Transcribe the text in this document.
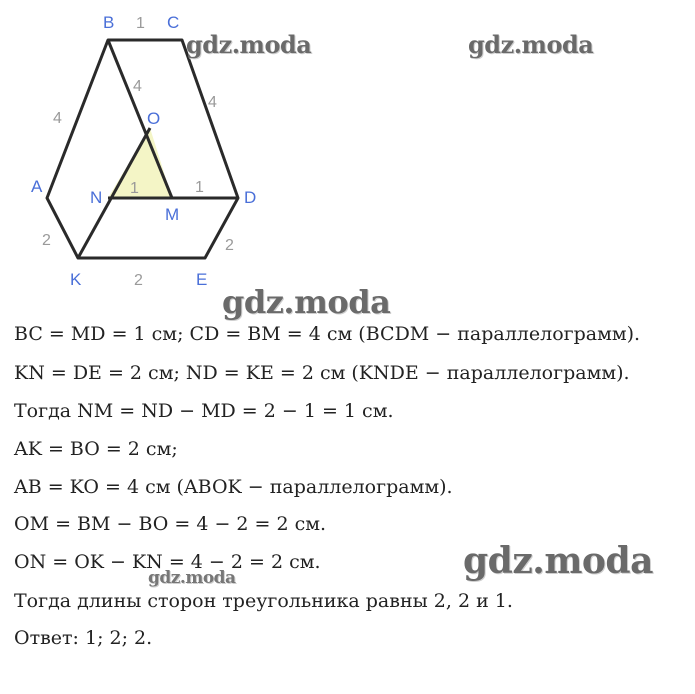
B	C
A
O
N
M
D
K	E
1
4
4
4
1	1
2	2
2
gdz.moda	gdz.moda
gdz.moda
gdz.moda
gdz.moda
BC = MD = 1 см; CD = BM = 4 см (BCDM − параллелограмм).
KN = DE = 2 см; ND = KE = 2 см (KNDE − параллелограмм).
Тогда NM = ND − MD = 2 − 1 = 1 см.
AK = BO = 2 см;
AB = KO = 4 см (ABOK − параллелограмм).
OM = BM − BO = 4 − 2 = 2 см.
ON = OK − KN = 4 − 2 = 2 см.
Тогда длины сторон треугольника равны 2, 2 и 1.
Ответ: 1; 2; 2.
